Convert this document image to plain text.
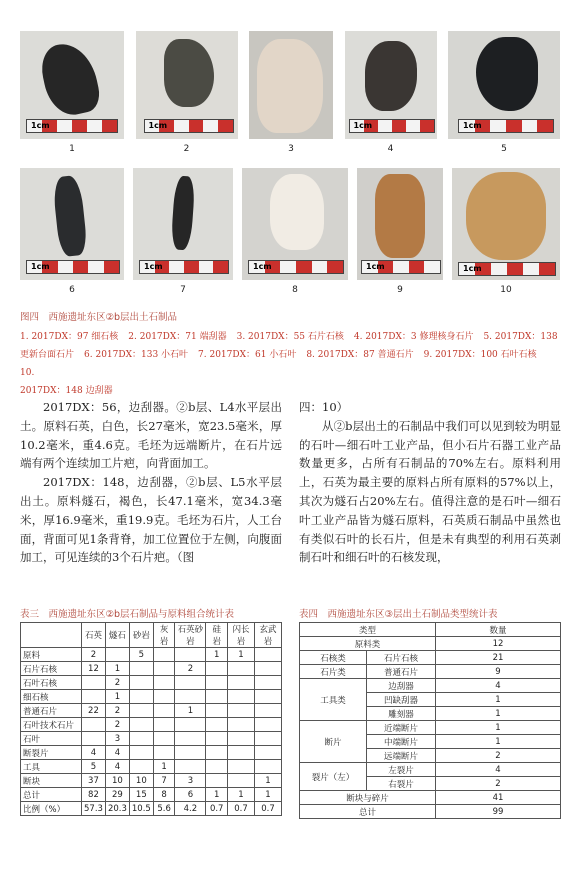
1cm
1
1cm
2	3
1cm
4
1cm
5
1cm
6
1cm
7
1cm
8
1cm
9
1cm
10
图四　西施遗址东区②b层出土石制品
1. 2017DX：97 细石核 2. 2017DX：71 端刮器 3. 2017DX：55 石片石核 4. 2017DX：3 修理核身石片 5. 2017DX：138
更新台面石片 6. 2017DX：133 小石叶 7. 2017DX：61 小石叶 8. 2017DX：87 普通石片 9. 2017DX：100 石叶石核10.
2017DX：148 边刮器

2017DX：56，边刮器。②b层、L4水平层出土。原料石英，白色，长27毫米，宽23.5毫米，厚10.2毫米，重4.6克。毛坯为远端断片，在石片远端有两个连续加工片疤，向背面加工。

2017DX：148，边刮器，②b层、L5水平层出土。原料燧石，褐色，长47.1毫米，宽34.3毫米，厚16.9毫米，重19.9克。毛坯为石片，人工台面，背面可见1条背脊，加工位置位于左侧，向腹面加工，可见连续的3个石片疤。（图

四：10）

从②b层出土的石制品中我们可以见到较为明显的石叶—细石叶工业产品，但小石片石器工业产品数量更多，占所有石制品的70%左右。原料利用上，石英为最主要的原料占所有原料的57%以上，其次为燧石占20%左右。值得注意的是石叶—细石叶工业产品皆为燧石原料，石英质石制品中虽然也有类似石叶的长石片，但是未有典型的利用石英剥制石叶和细石叶的石核发现，

表三　西施遗址东区②b层石制品与原料组合统计表
	石英	燧石	砂岩	灰岩	石英砂岩	硅岩	闪长岩	玄武岩
原料	2		5			1	1	
石片石核	12	1			2			
石叶石核		2						
细石核		1						
普通石片	22	2			1			
石叶技术石片		2						
石叶		3						
断裂片	4	4						
工具	5	4		1				
断块	37	10	10	7	3			1
总计	82	29	15	8	6	1	1	1
比例（%）	57.3	20.3	10.5	5.6	4.2	0.7	0.7	0.7
表四　西施遗址东区③层出土石制品类型统计表
类型		数量
原料类		12
石核类	石片石核	21
石片类	普通石片	9
工具类	边刮器	4
	凹缺刮器	1
	雕刻器	1
断片	近端断片	1
	中端断片	1
	远端断片	2
裂片（左）	左裂片	4
	右裂片	2
断块与碎片		41
总计		99
